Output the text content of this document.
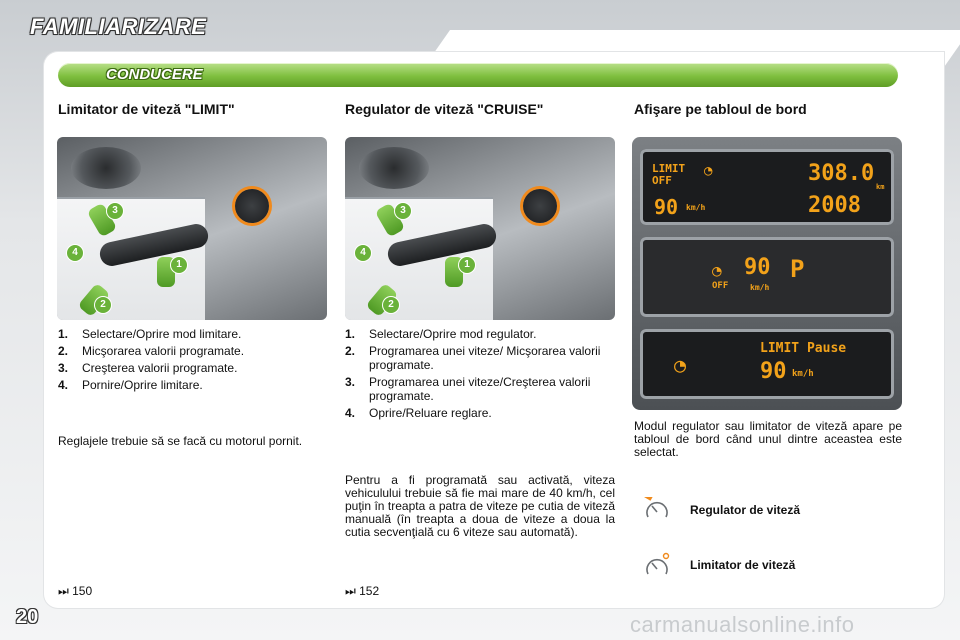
FAMILIARIZARE
CONDUCERE
Limitator de viteză "LIMIT"
3
4
1
2
1. Selectare/Oprire mod limitare.
2. Micşorarea valorii programate.
3. Creşterea valorii programate.
4. Pornire/Oprire limitare.

Reglajele trebuie să se facă cu motorul pornit.

⏭ 150
Regulator de viteză "CRUISE"
3
4
1
2
1. Selectare/Oprire mod regulator.
2. Programarea unei viteze/ Micşorarea valorii programate.
3. Programarea unei viteze/Creşterea valorii programate.
4. Oprire/Reluare reglare.

Pentru a fi programată sau activată, viteza vehiculului trebuie să fie mai mare de 40 km/h, cel puţin în treapta a patra de viteze pe cutia de viteză manuală (în treapta a doua de viteze a doua la cutia secvenţială cu 6 viteze sau automată).

⏭ 152
Afişare pe tabloul de bord
LIMIT
OFF
◔
90 km/h
308.0
km
2008
◔
OFF
90
km/h
P
◔
LIMIT Pause
90 km/h

Modul regulator sau limitator de viteză apare pe tabloul de bord când unul dintre aceastea este selectat.

Regulator de viteză
Limitator de viteză
20	carmanualsonline.info
